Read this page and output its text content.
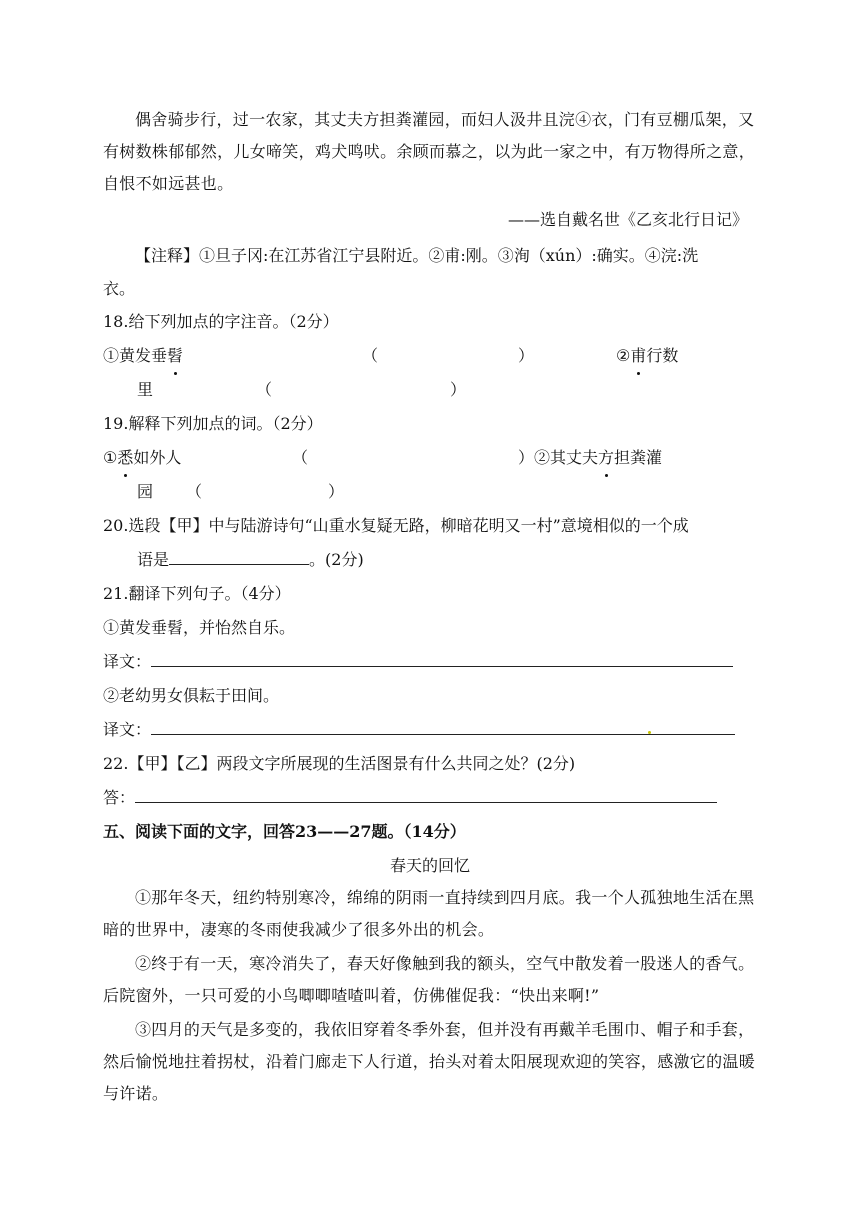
偶舍骑步行，过一农家，其丈夫方担粪灌园，而妇人汲井且浣④衣，门有豆棚瓜架，又有树数株郁郁然，儿女啼笑，鸡犬鸣吠。余顾而慕之，以为此一家之中，有万物得所之意，自恨不如远甚也。

——选自戴名世《乙亥北行日记》
【注释】①旦子冈:在江苏省江宁县附近。②甫:刚。③洵（xún）:确实。④浣:洗
衣。
18.给下列加点的字注音。（2分）
①黄发垂髫	（	）	②甫行数
里	（	）
19.解释下列加点的词。（2分）
①悉如外人	（	）②其丈夫方担粪灌
园 （	）
20.选段【甲】中与陆游诗句“山重水复疑无路，柳暗花明又一村”意境相似的一个成
语是	。(2分)
21.翻译下列句子。（4分）
①黄发垂髫，并怡然自乐。
译文：
②老幼男女俱耘于田间。
译文：
22.【甲】【乙】两段文字所展现的生活图景有什么共同之处？(2分)
答：
五、阅读下面的文字，回答23——27题。（14分）
春天的回忆

①那年冬天，纽约特别寒冷，绵绵的阴雨一直持续到四月底。我一个人孤独地生活在黑暗的世界中，凄寒的冬雨使我减少了很多外出的机会。

②终于有一天，寒冷消失了，春天好像触到我的额头，空气中散发着一股迷人的香气。后院窗外，一只可爱的小鸟唧唧喳喳叫着，仿佛催促我：“快出来啊!”

③四月的天气是多变的，我依旧穿着冬季外套，但并没有再戴羊毛围巾、帽子和手套，然后愉悦地拄着拐杖，沿着门廊走下人行道，抬头对着太阳展现欢迎的笑容，感激它的温暖与许诺。
